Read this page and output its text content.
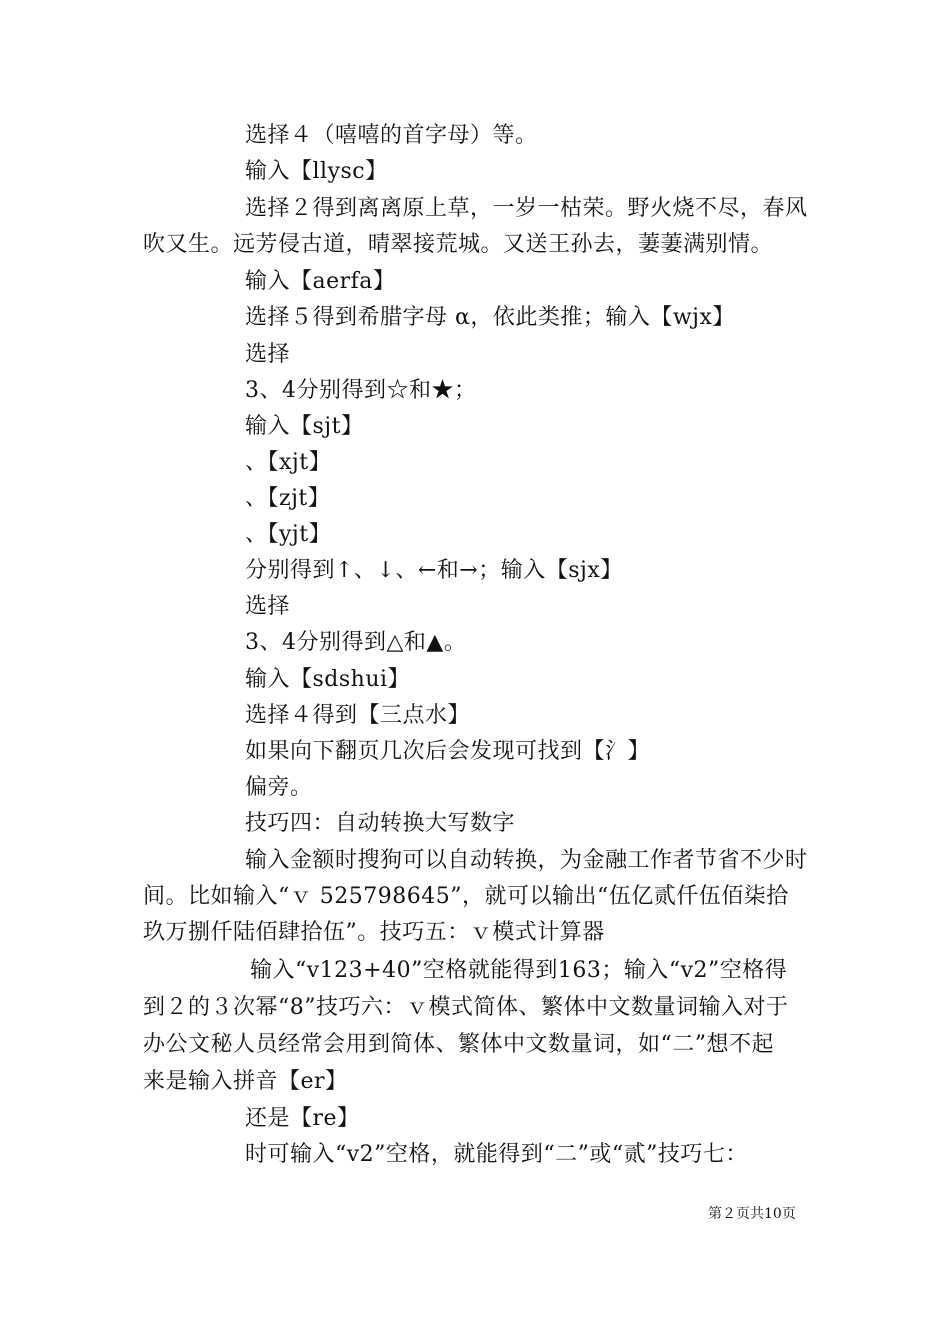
选择４（嘻嘻的首字母）等。
输入【llysc】
选择２得到离离原上草，一岁一枯荣。野火烧不尽，春风
吹又生。远芳侵古道，晴翠接荒城。又送王孙去，萋萋满别情。
输入【aerfa】
选择５得到希腊字母 α，依此类推；输入【wjx】
选择
3、4分别得到☆和★；
输入【sjt】
、【xjt】
、【zjt】
、【yjt】
分别得到↑、↓、←和→；输入【sjx】
选择
3、4分别得到△和▲。
输入【sdshui】
选择４得到【三点水】
如果向下翻页几次后会发现可找到【氵】
偏旁。
技巧四：自动转换大写数字
输入金额时搜狗可以自动转换，为金融工作者节省不少时
间。比如输入“ｖ 525798645”，就可以输出“伍亿贰仟伍佰柒拾
玖万捌仟陆佰肆拾伍”。技巧五：ｖ模式计算器
输入“v123+40”空格就能得到163；输入“v2”空格得
到２的３次幂“8”技巧六：ｖ模式简体、繁体中文数量词输入对于
办公文秘人员经常会用到简体、繁体中文数量词，如“二”想不起
来是输入拼音【er】
还是【re】
时可输入“v2”空格，就能得到“二”或“贰”技巧七：
第２页共10页
